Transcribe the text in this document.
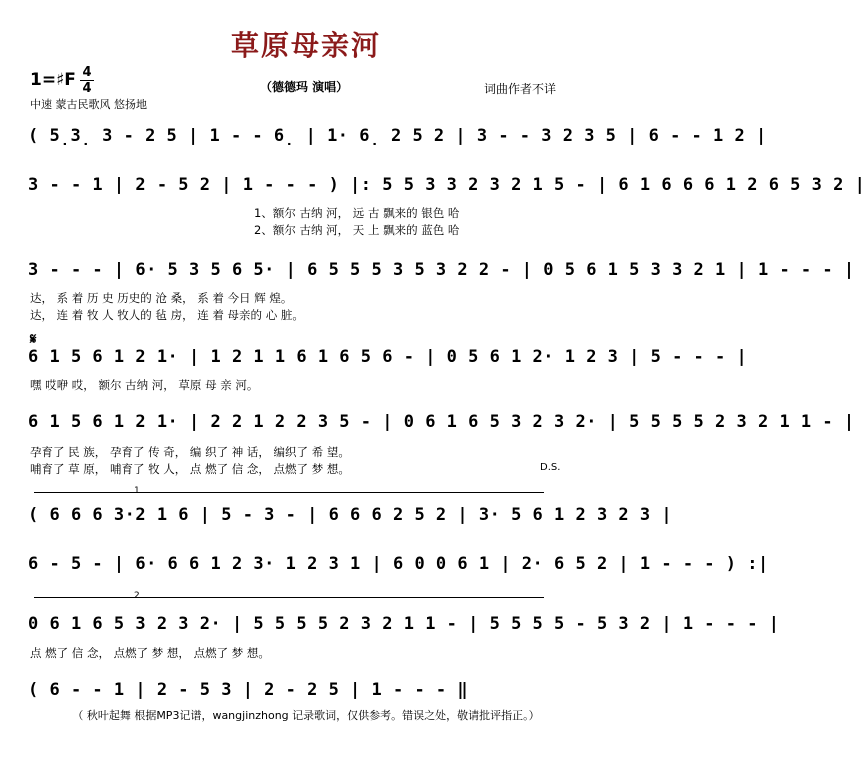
草原母亲河
1=♯F 4
4	（德德玛 演唱）	词曲作者不详
中速 蒙古民歌风 悠扬地
( 5̣3̣ 3 - 2 5 | 1 - - 6̣ | 1· 6̣ 2 5 2 | 3 - - 3 2 3 5 | 6 - - 1 2 |
3 - - 1 | 2 - 5 2 | 1 - - - ) |: 5 5 3 3 2 3 2 1 5 - | 6 1 6 6 6 1 2 6 5 3 2 |
1、额尔 古纳 河， 远 古 飘来的 银色 哈
2、额尔 古纳 河， 天 上 飘来的 蓝色 哈
3 - - - | 6· 5 3 5 6 5· | 6 5 5 5 3 5 3 2 2 - | 0 5 6 1 5 3 3 2 1 | 1 - - - |
达， 系 着 历 史 历史的 沧 桑， 系 着 今日 辉 煌。
达， 连 着 牧 人 牧人的 毡 房， 连 着 母亲的 心 脏。
𝄋
6 1 5 6 1 2 1· | 1 2 1 1 6 1 6 5 6 - | 0 5 6 1 2· 1 2 3 | 5 - - - |
嘿 哎咿 哎， 额尔 古纳 河， 草原 母 亲 河。
6 1 5 6 1 2 1· | 2 2 1 2 2 3 5 - | 0 6 1 6 5 3 2 3 2· | 5 5 5 5 2 3 2 1 1 - |
孕育了 民 族， 孕育了 传 奇， 编 织了 神 话， 编织了 希 望。
哺育了 草 原， 哺育了 牧 人， 点 燃了 信 念， 点燃了 梦 想。	D.S.
1
( 6 6 6 3·2 1 6 | 5 - 3 - | 6 6 6 2 5 2 | 3· 5 6 1 2 3 2 3 |
6 - 5 - | 6· 6 6 1 2 3· 1 2 3 1 | 6 0 0 6 1 | 2· 6 5 2 | 1 - - - ) :|
2
0 6 1 6 5 3 2 3 2· | 5 5 5 5 2 3 2 1 1 - | 5 5 5 5 - 5 3 2 | 1 - - - |
点 燃了 信 念， 点燃了 梦 想， 点燃了 梦 想。
( 6 - - 1 | 2 - 5 3 | 2 - 2 5 | 1 - - - ‖
（ 秋叶起舞 根据MP3记谱，wangjinzhong 记录歌词，仅供参考。错误之处，敬请批评指正。）
